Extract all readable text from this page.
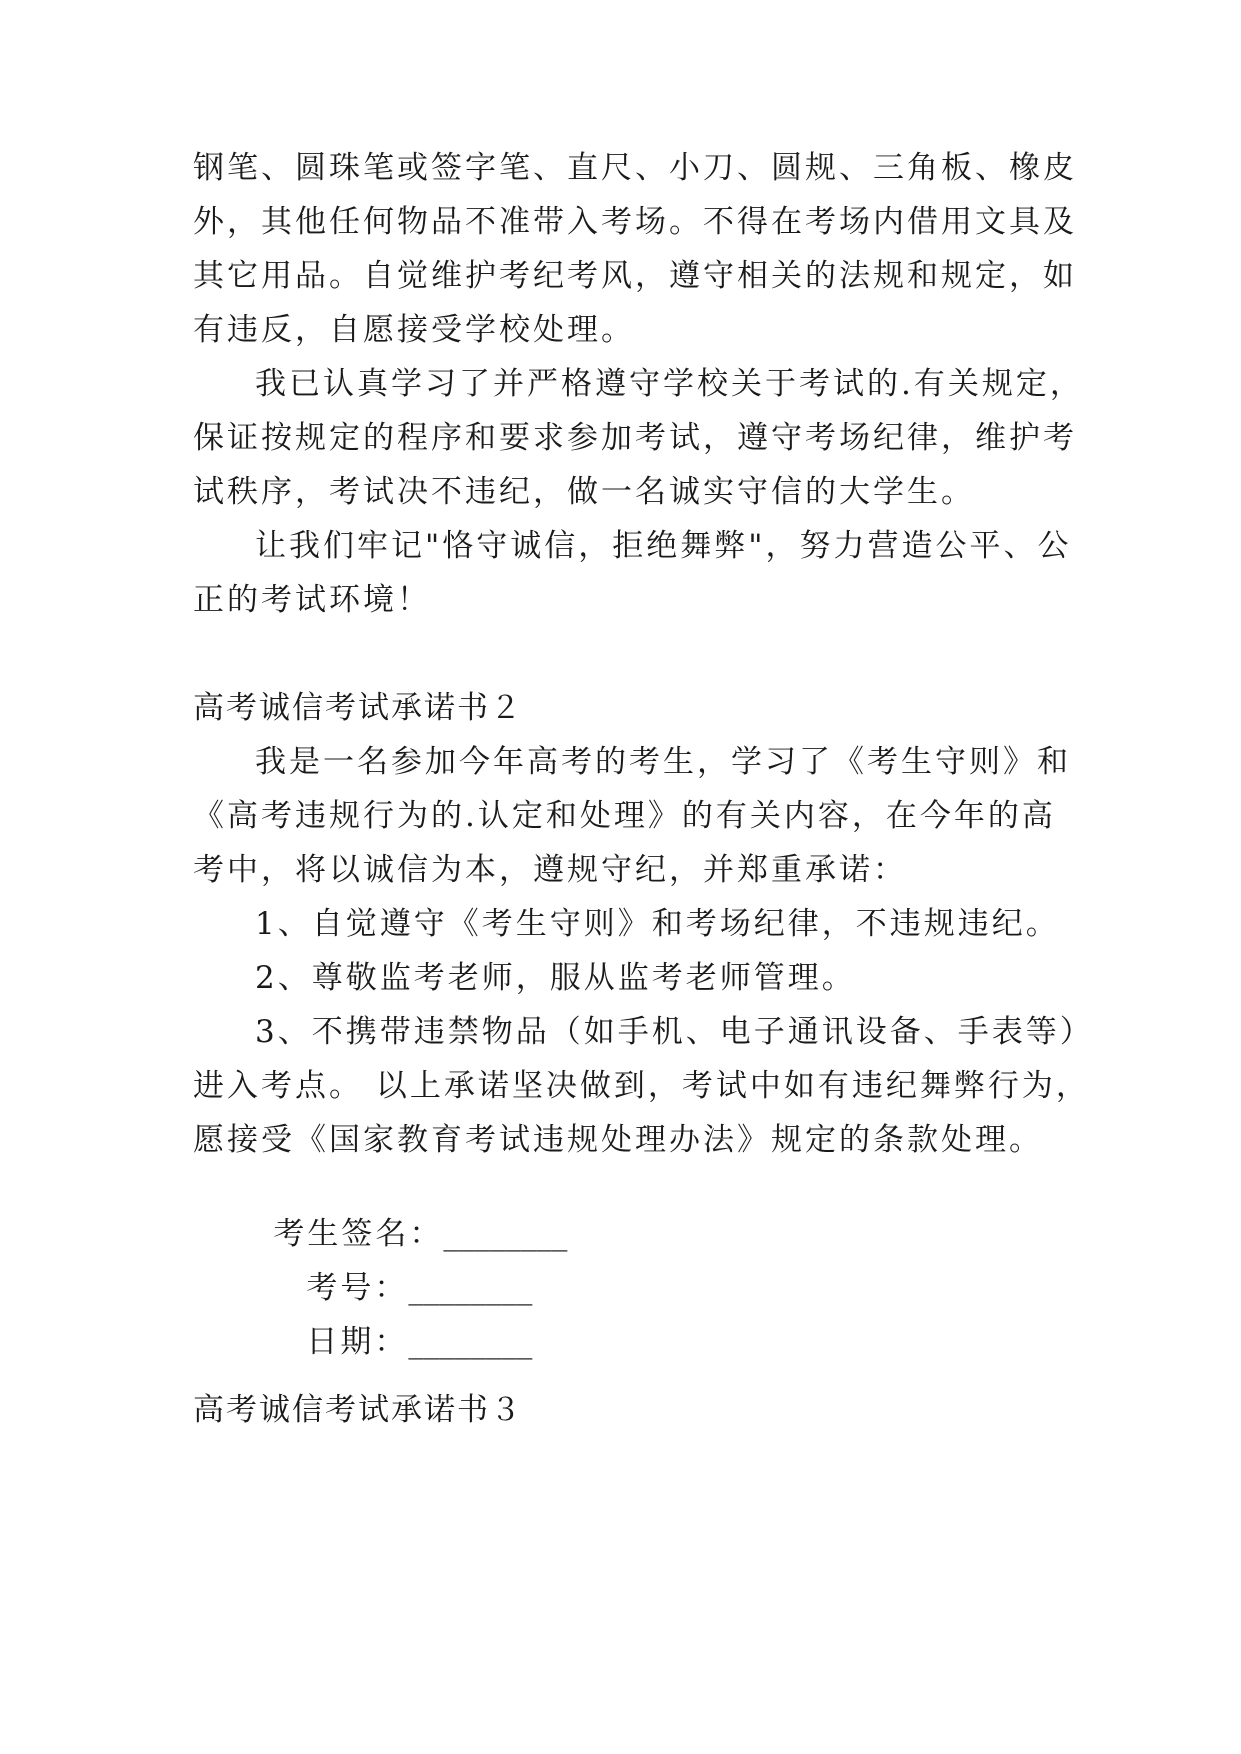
钢笔、圆珠笔或签字笔、直尺、小刀、圆规、三角板、橡皮
外，其他任何物品不准带入考场。不得在考场内借用文具及
其它用品。自觉维护考纪考风，遵守相关的法规和规定，如
有违反，自愿接受学校处理。
我已认真学习了并严格遵守学校关于考试的.有关规定，
保证按规定的程序和要求参加考试，遵守考场纪律，维护考
试秩序，考试决不违纪，做一名诚实守信的大学生。
让我们牢记"恪守诚信，拒绝舞弊"，努力营造公平、公
正的考试环境！
高考诚信考试承诺书２
我是一名参加今年高考的考生，学习了《考生守则》和
《高考违规行为的.认定和处理》的有关内容，在今年的高
考中，将以诚信为本，遵规守纪，并郑重承诺：
1、自觉遵守《考生守则》和考场纪律，不违规违纪。
2、尊敬监考老师，服从监考老师管理。
3、不携带违禁物品（如手机、电子通讯设备、手表等）
进入考点。 以上承诺坚决做到，考试中如有违纪舞弊行为，
愿接受《国家教育考试违规处理办法》规定的条款处理。

考生签名：________

考号：________

日期：________

高考诚信考试承诺书３
